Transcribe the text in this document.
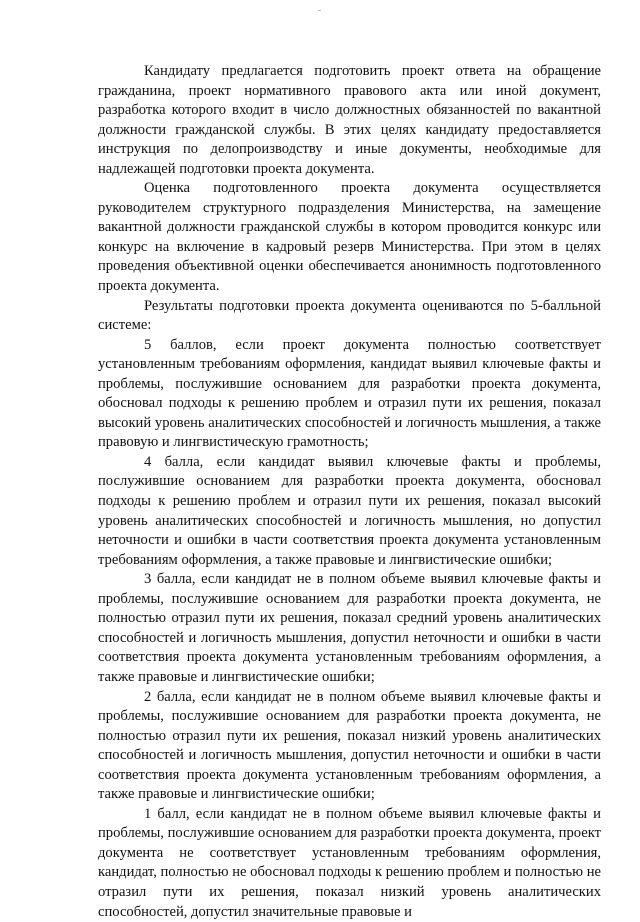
Кандидату предлагается подготовить проект ответа на обращение гражданина, проект нормативного правового акта или иной документ, разработка которого входит в число должностных обязанностей по вакантной должности гражданской службы. В этих целях кандидату предоставляется инструкция по делопроизводству и иные документы, необходимые для надлежащей подготовки проекта документа.

Оценка подготовленного проекта документа осуществляется руководителем структурного подразделения Министерства, на замещение вакантной должности гражданской службы в котором проводится конкурс или конкурс на включение в кадровый резерв Министерства. При этом в целях проведения объективной оценки обеспечивается анонимность подготовленного проекта документа.

Результаты подготовки проекта документа оцениваются по 5-балльной системе:

5 баллов, если проект документа полностью соответствует установленным требованиям оформления, кандидат выявил ключевые факты и проблемы, послужившие основанием для разработки проекта документа, обосновал подходы к решению проблем и отразил пути их решения, показал высокий уровень аналитических способностей и логичность мышления, а также правовую и лингвистическую грамотность;

4 балла, если кандидат выявил ключевые факты и проблемы, послужившие основанием для разработки проекта документа, обосновал подходы к решению проблем и отразил пути их решения, показал высокий уровень аналитических способностей и логичность мышления, но допустил неточности и ошибки в части соответствия проекта документа установленным требованиям оформления, а также правовые и лингвистические ошибки;

3 балла, если кандидат не в полном объеме выявил ключевые факты и проблемы, послужившие основанием для разработки проекта документа, не полностью отразил пути их решения, показал средний уровень аналитических способностей и логичность мышления, допустил неточности и ошибки в части соответствия проекта документа установленным требованиям оформления, а также правовые и лингвистические ошибки;

2 балла, если кандидат не в полном объеме выявил ключевые факты и проблемы, послужившие основанием для разработки проекта документа, не полностью отразил пути их решения, показал низкий уровень аналитических способностей и логичность мышления, допустил неточности и ошибки в части соответствия проекта документа установленным требованиям оформления, а также правовые и лингвистические ошибки;

1 балл, если кандидат не в полном объеме выявил ключевые факты и проблемы, послужившие основанием для разработки проекта документа, проект документа не соответствует установленным требованиям оформления, кандидат, полностью не обосновал подходы к решению проблем и полностью не отразил пути их решения, показал низкий уровень аналитических способностей, допустил значительные правовые и
